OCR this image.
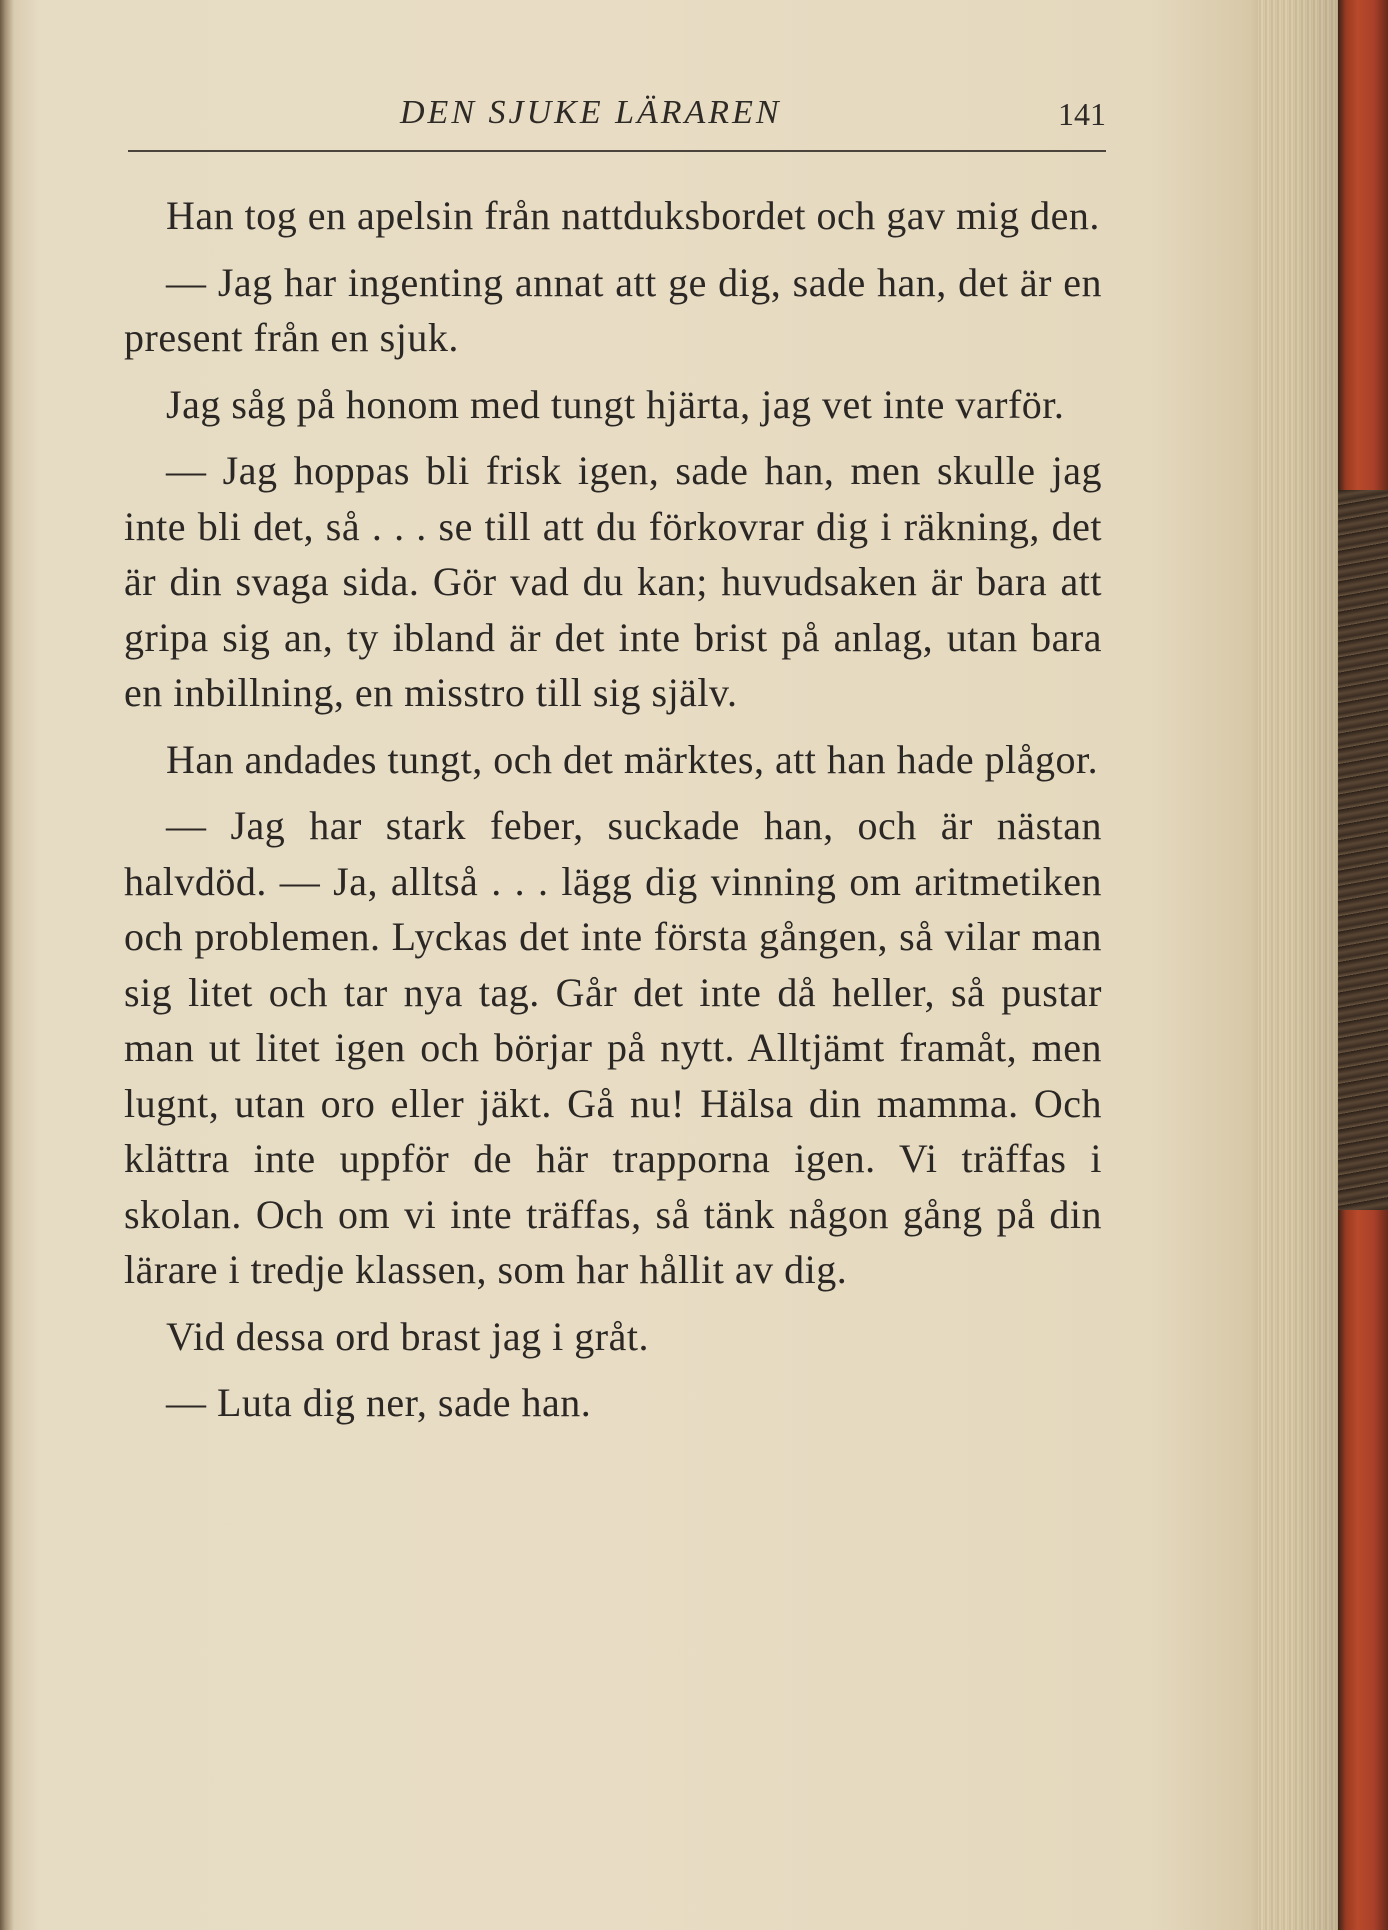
DEN SJUKE LÄRAREN	141

Han tog en apelsin från nattduksbordet och gav mig den.

— Jag har ingenting annat att ge dig, sade han, det är en present från en sjuk.

Jag såg på honom med tungt hjärta, jag vet inte varför.

— Jag hoppas bli frisk igen, sade han, men skulle jag inte bli det, så . . . se till att du förkovrar dig i räkning, det är din svaga sida. Gör vad du kan; huvudsaken är bara att gripa sig an, ty ibland är det inte brist på anlag, utan bara en inbillning, en misstro till sig själv.

Han andades tungt, och det märktes, att han hade plågor.

— Jag har stark feber, suckade han, och är nästan halvdöd. — Ja, alltså . . . lägg dig vinning om aritmetiken och problemen. Lyckas det inte första gången, så vilar man sig litet och tar nya tag. Går det inte då heller, så pustar man ut litet igen och börjar på nytt. Alltjämt framåt, men lugnt, utan oro eller jäkt. Gå nu! Hälsa din mamma. Och klättra inte uppför de här trapporna igen. Vi träffas i skolan. Och om vi inte träffas, så tänk någon gång på din lärare i tredje klassen, som har hållit av dig.

Vid dessa ord brast jag i gråt.

— Luta dig ner, sade han.
